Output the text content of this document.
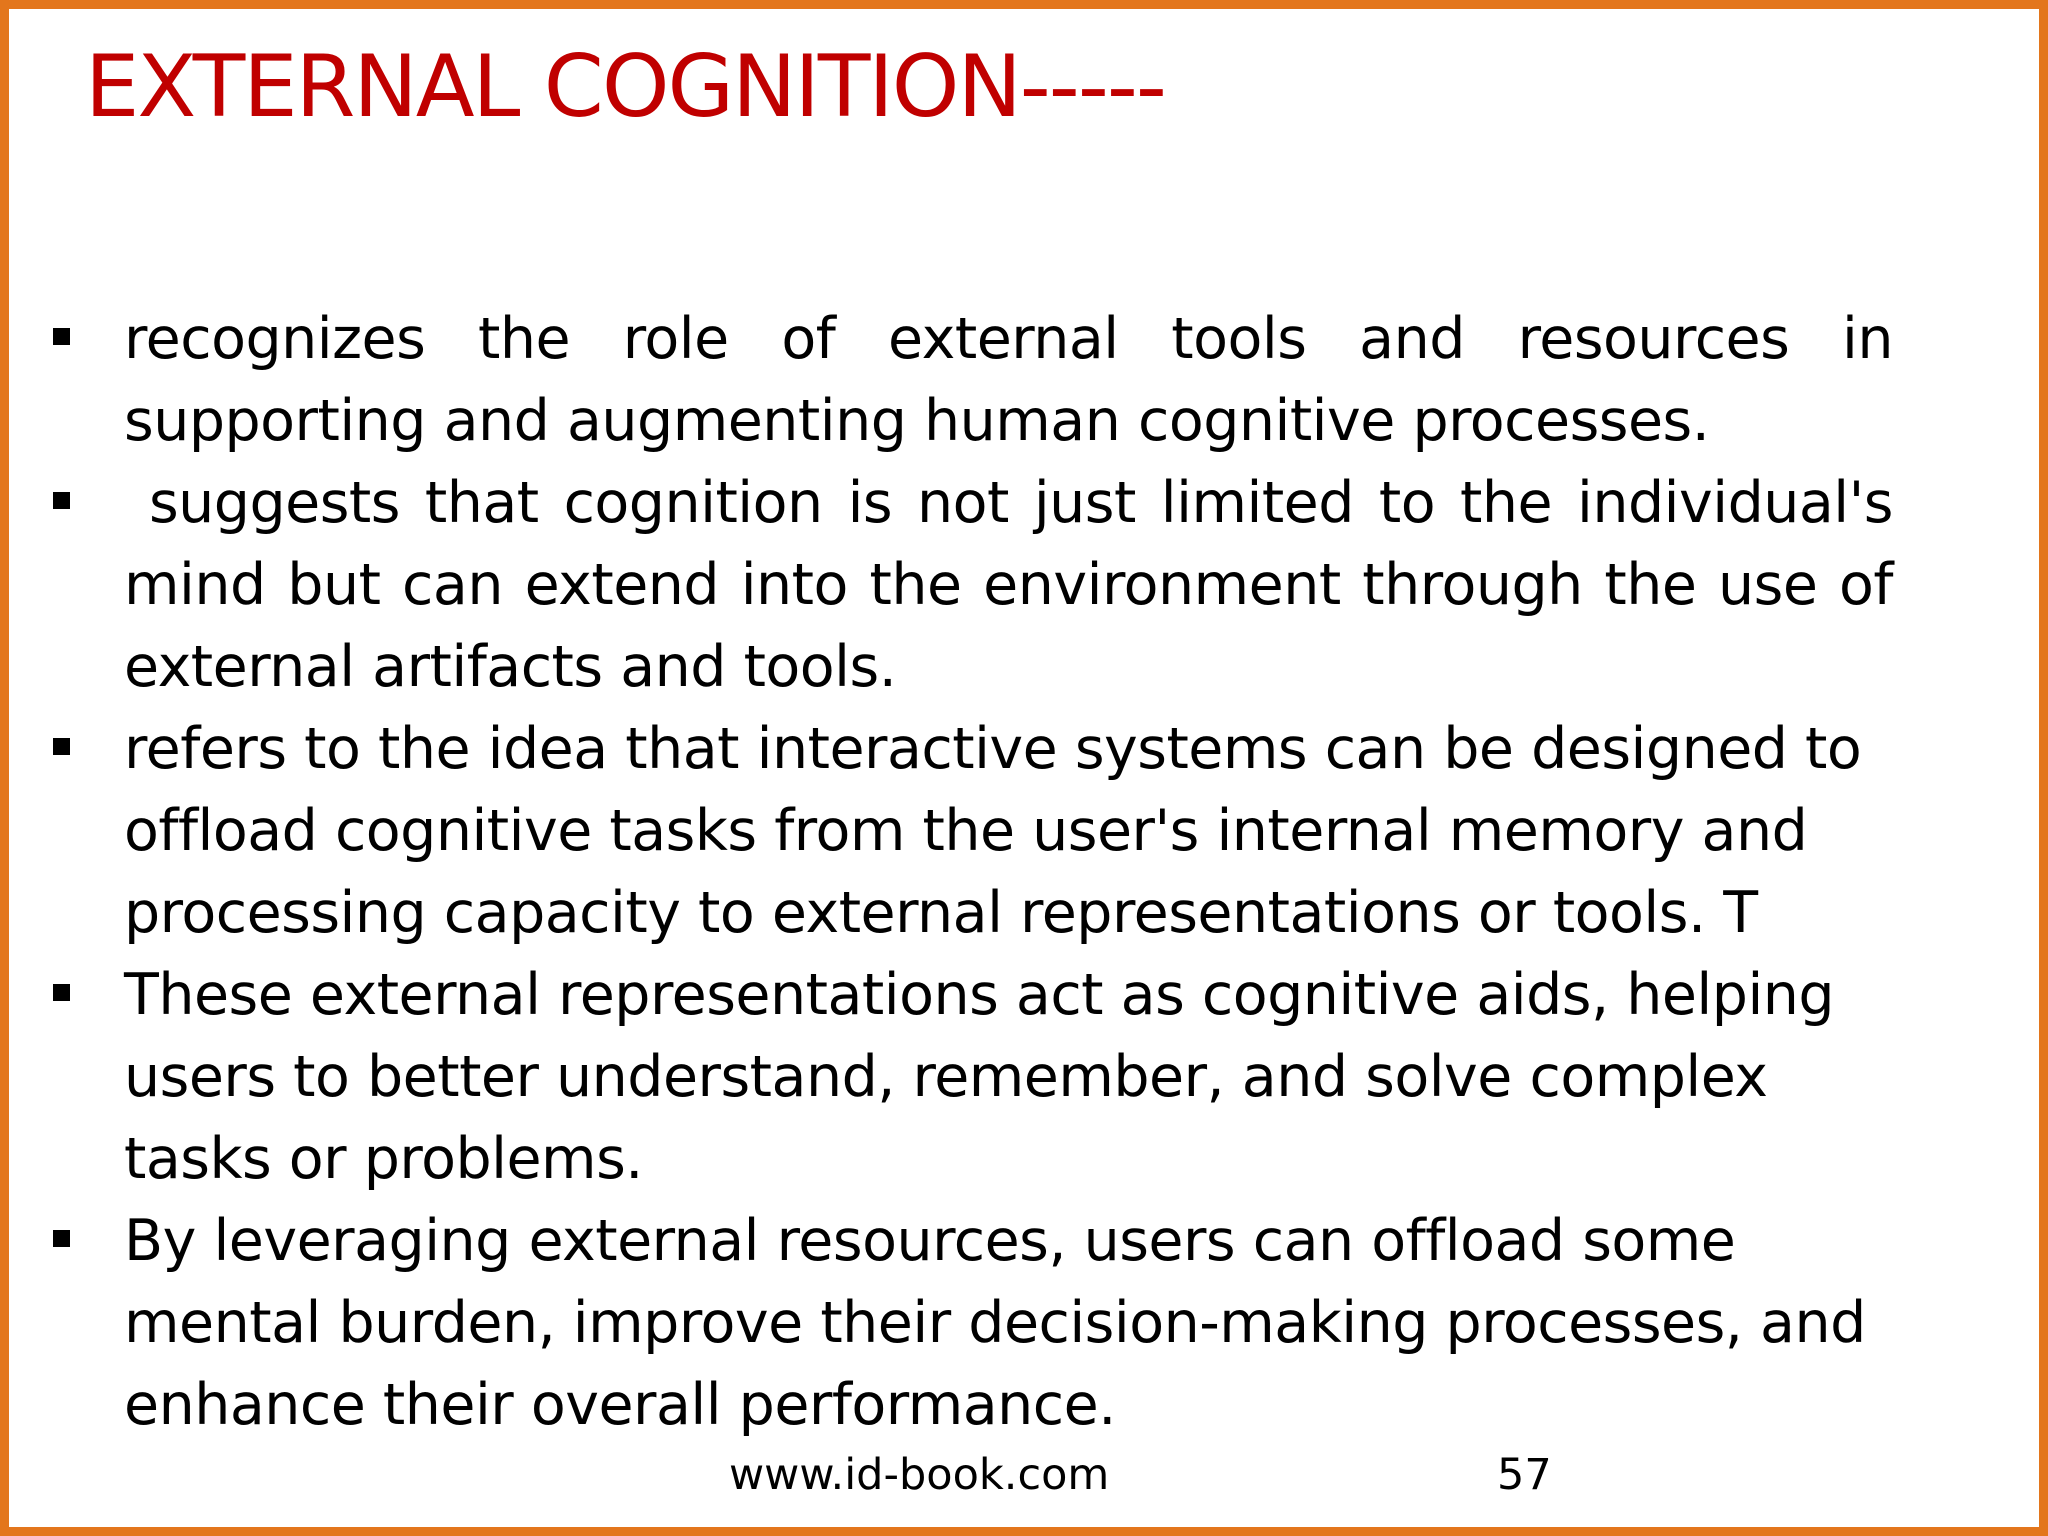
EXTERNAL COGNITION-----
recognizes the role of external tools and resources in supporting and augmenting human cognitive processes.
suggests that cognition is not just limited to the individual's mind but can extend into the environment through the use of external artifacts and tools.
refers to the idea that interactive systems can be designed to offload cognitive tasks from the user's internal memory and processing capacity to external representations or tools. T
These external representations act as cognitive aids, helping users to better understand, remember, and solve complex tasks or problems.
By leveraging external resources, users can offload some mental burden, improve their decision-making processes, and enhance their overall performance.
www.id-book.com	57
